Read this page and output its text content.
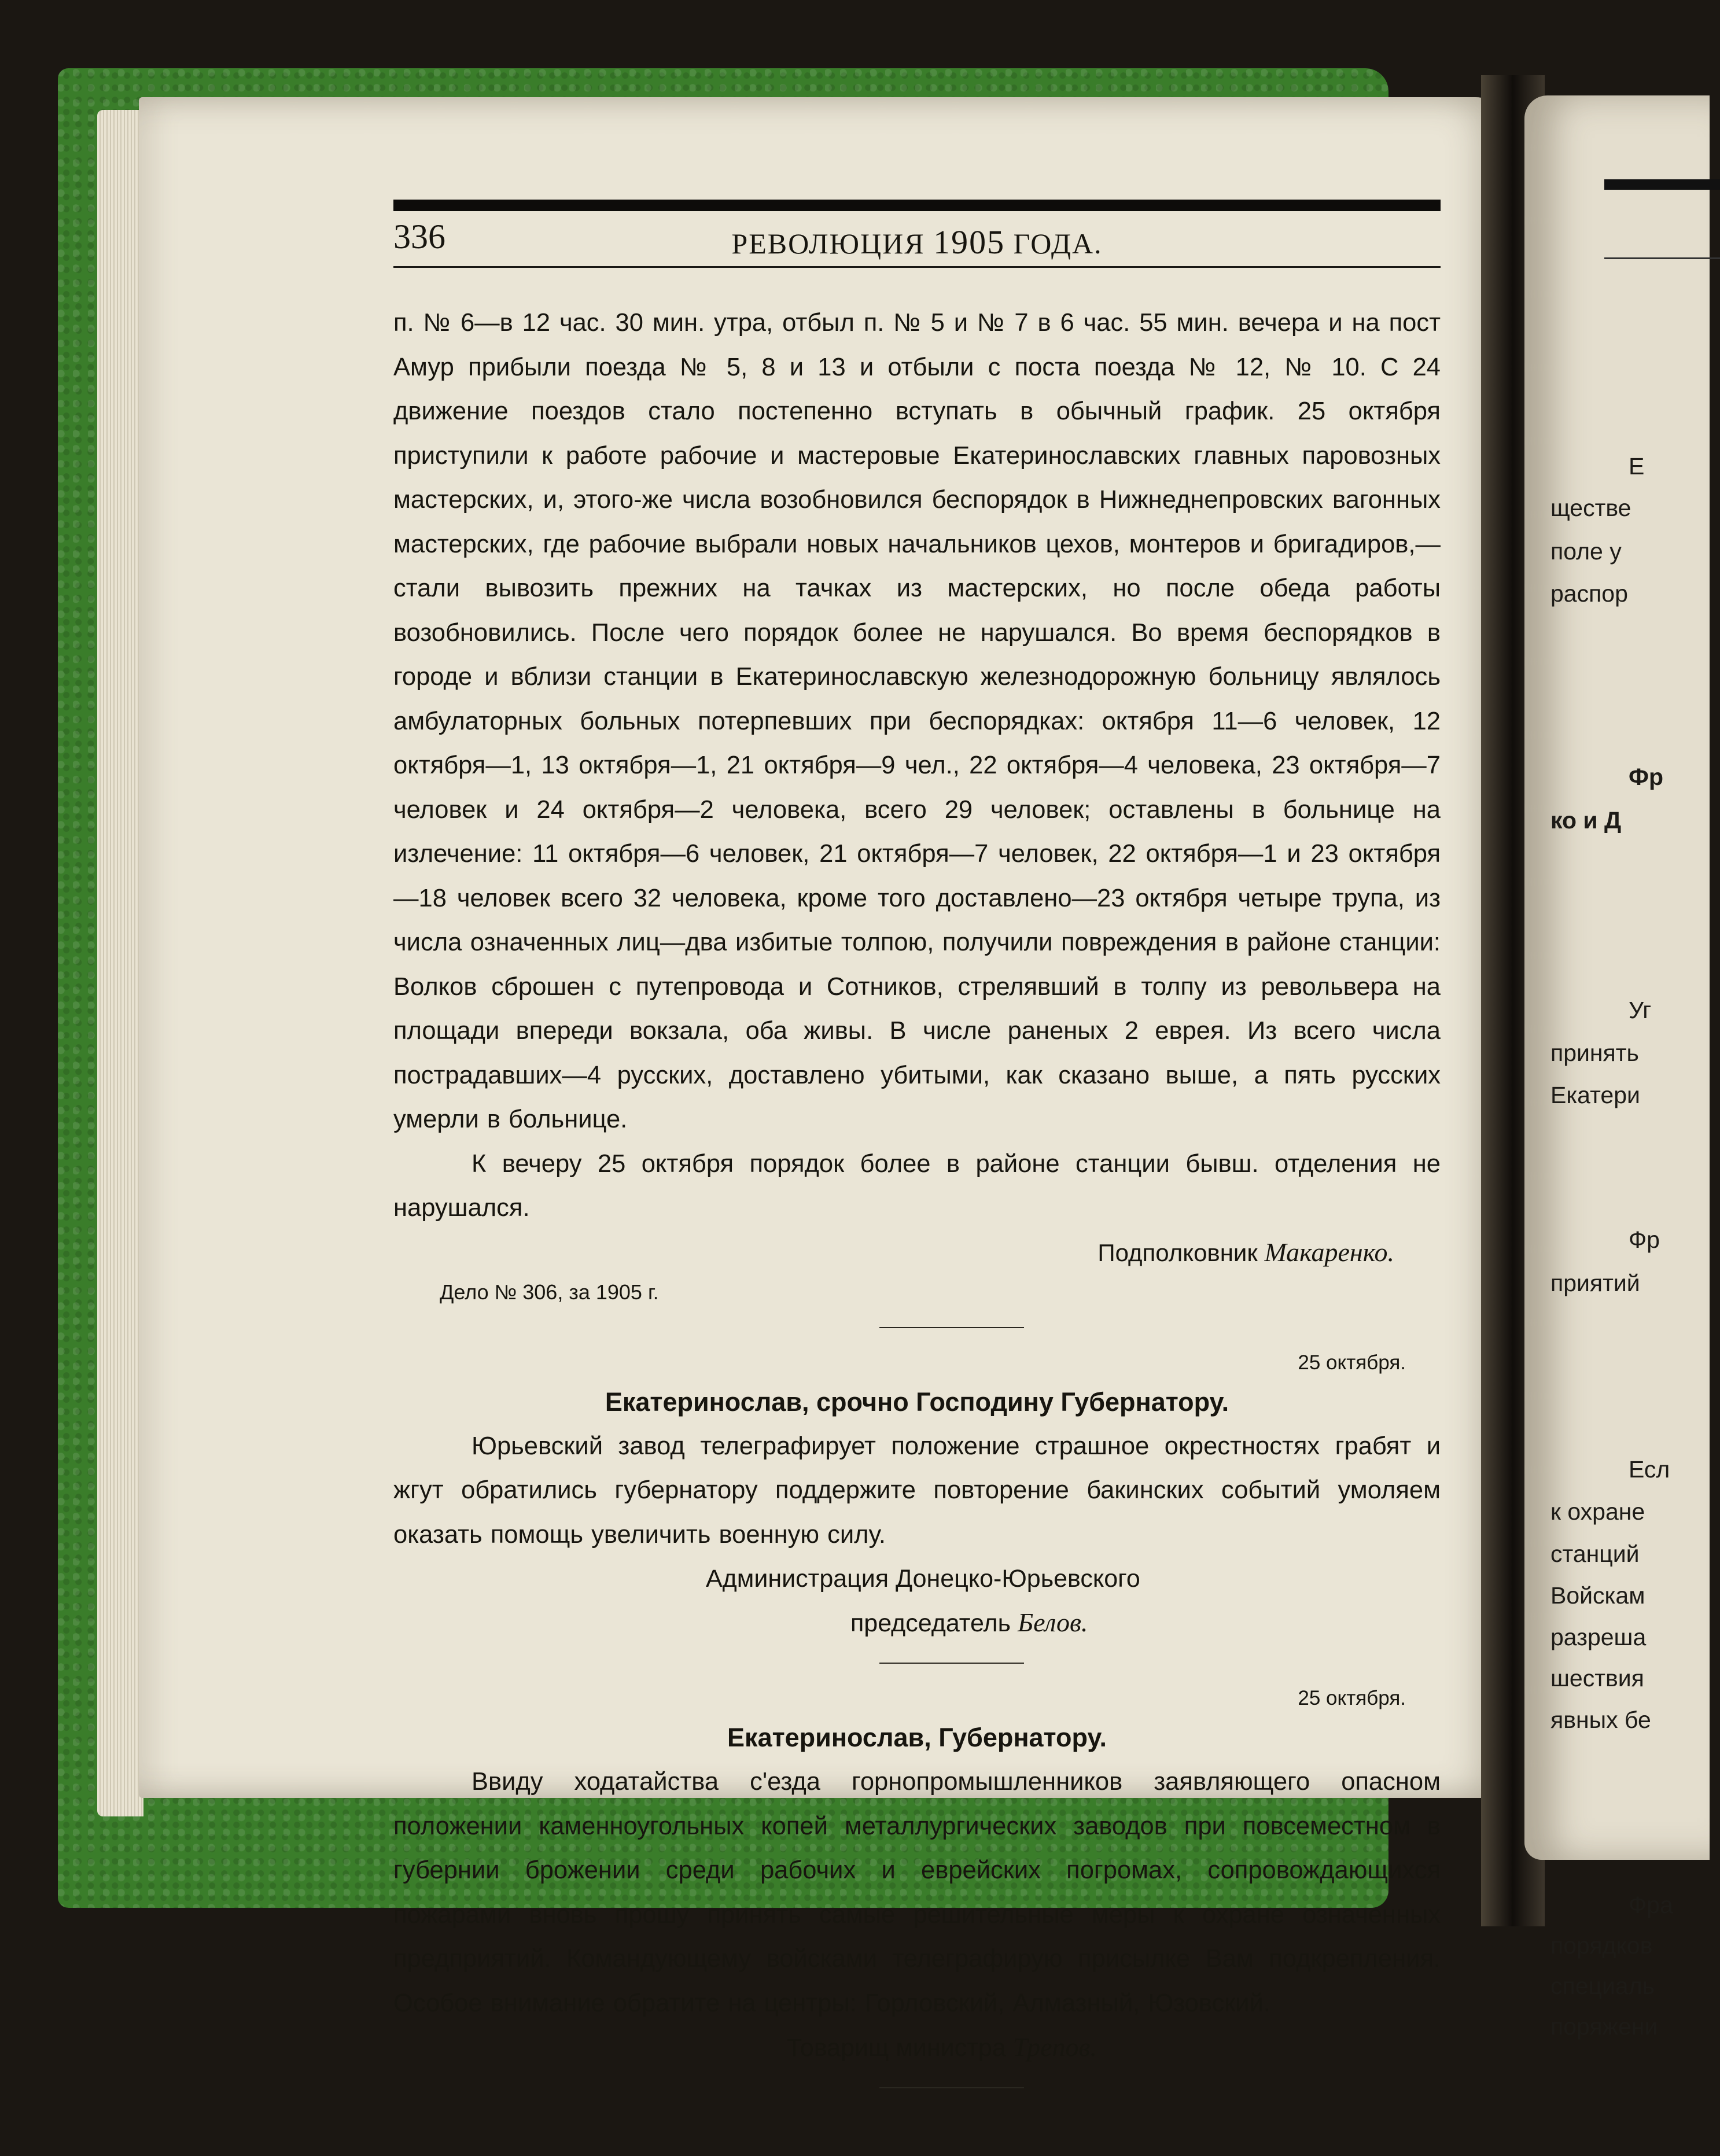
Е
ществе
поле у
распор
Фр
ко и Д
Уг
принять
Екатери
Фр
приятий
Есл
к охране
станций
Войскам
разреша
шествия
явных бе
Фра
порядков
специаль
поряжени
336	РЕВОЛЮЦИЯ 1905 ГОДА.

п. № 6—в 12 час. 30 мин. утра, отбыл п. № 5 и № 7 в 6 час. 55 мин. вечера и на пост Амур прибыли поезда № 5, 8 и 13 и отбыли с поста поезда № 12, № 10. С 24 движение поездов стало постепенно вступать в обычный график. 25 октября приступили к работе рабочие и мастеровые Екатеринославских главных паровозных мастерских, и, этого-же числа возобновился беспорядок в Нижнеднепровских вагонных мастерских, где рабочие выбрали новых начальников цехов, монтеров и бригадиров,—стали вывозить прежних на тачках из мастерских, но после обеда работы возобновились. После чего порядок более не нарушался. Во время беспорядков в городе и вблизи станции в Екатеринославскую железнодорожную больницу являлось амбулаторных больных потерпевших при беспорядках: октября 11—6 человек, 12 октября—1, 13 октября—1, 21 октября—9 чел., 22 октября—4 человека, 23 октября—7 человек и 24 октября—2 человека, всего 29 человек; оставлены в больнице на излечение: 11 октября—6 человек, 21 октября—7 человек, 22 октября—1 и 23 октября—18 человек всего 32 человека, кроме того доставлено—23 октября четыре трупа, из числа означенных лиц—два избитые толпою, получили повреждения в районе станции: Волков сброшен с путепровода и Сотников, стрелявший в толпу из револьвера на площади впереди вокзала, оба живы. В числе раненых 2 еврея. Из всего числа пострадавших—4 русских, доставлено убитыми, как сказано выше, а пять русских умерли в больнице.

К вечеру 25 октября порядок более в районе станции бывш. отделения не нарушался.

Подполковник Макаренко.
Дело № 306, за 1905 г.
25 октября.
Екатеринослав, срочно Господину Губернатору.

Юрьевский завод телеграфирует положение страшное окрестностях грабят и жгут обратились губернатору поддержите повторение бакинских событий умоляем оказать помощь увеличить военную силу.

Администрация Донецко-Юрьевского
председатель Белов.
25 октября.
Екатеринослав, Губернатору.

Ввиду ходатайства с'езда горнопромышленников заявляющего опасном положении каменноугольных копей металлургических заводов при повсеместном в губернии брожении среди рабочих и еврейских погромах, сопровождающихся пожарами вновь прошу принять самые решительные меры к охране означенных предприятий. Командующему войсками телеграфирую присылке Вам подкрепления. Особое внимание обратите на центры: Горловский, Алмазный, Юзовский.

Товарищ министра Трепов.
